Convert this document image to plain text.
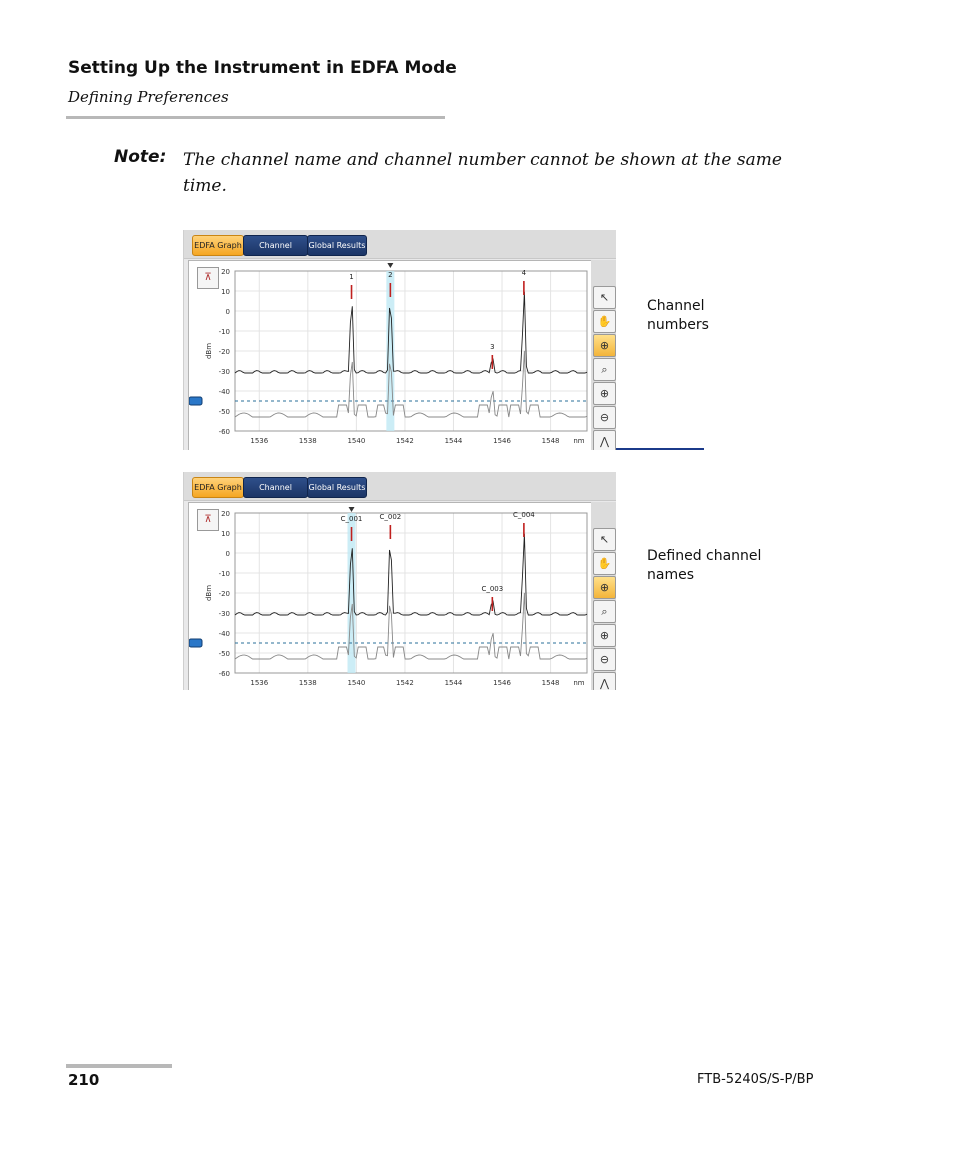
Setting Up the Instrument in EDFA Mode
Defining Preferences
Note: The channel name and channel number cannot be shown at the same time.
EDFA Graph	Channel	Global Results
⊼	20
10
0
-10
-20
-30
-40
-50
-60
1536	1538	1540	1542	1544	1546	1548 nm
dBm
1	2
3
4
↖
✋
⊕
⌕
⊕
⊖
⋀
EDFA Graph	Channel	Global Results
⊼	20
10
0
-10
-20
-30
-40
-50
-60
1536	1538	1540	1542	1544	1546	1548 nm
dBm
C_001 C_002
C_003
C_004
↖
✋
⊕
⌕
⊕
⊖
⋀
Channel
numbers
Defined channel
names
210	FTB-5240S/S-P/BP
